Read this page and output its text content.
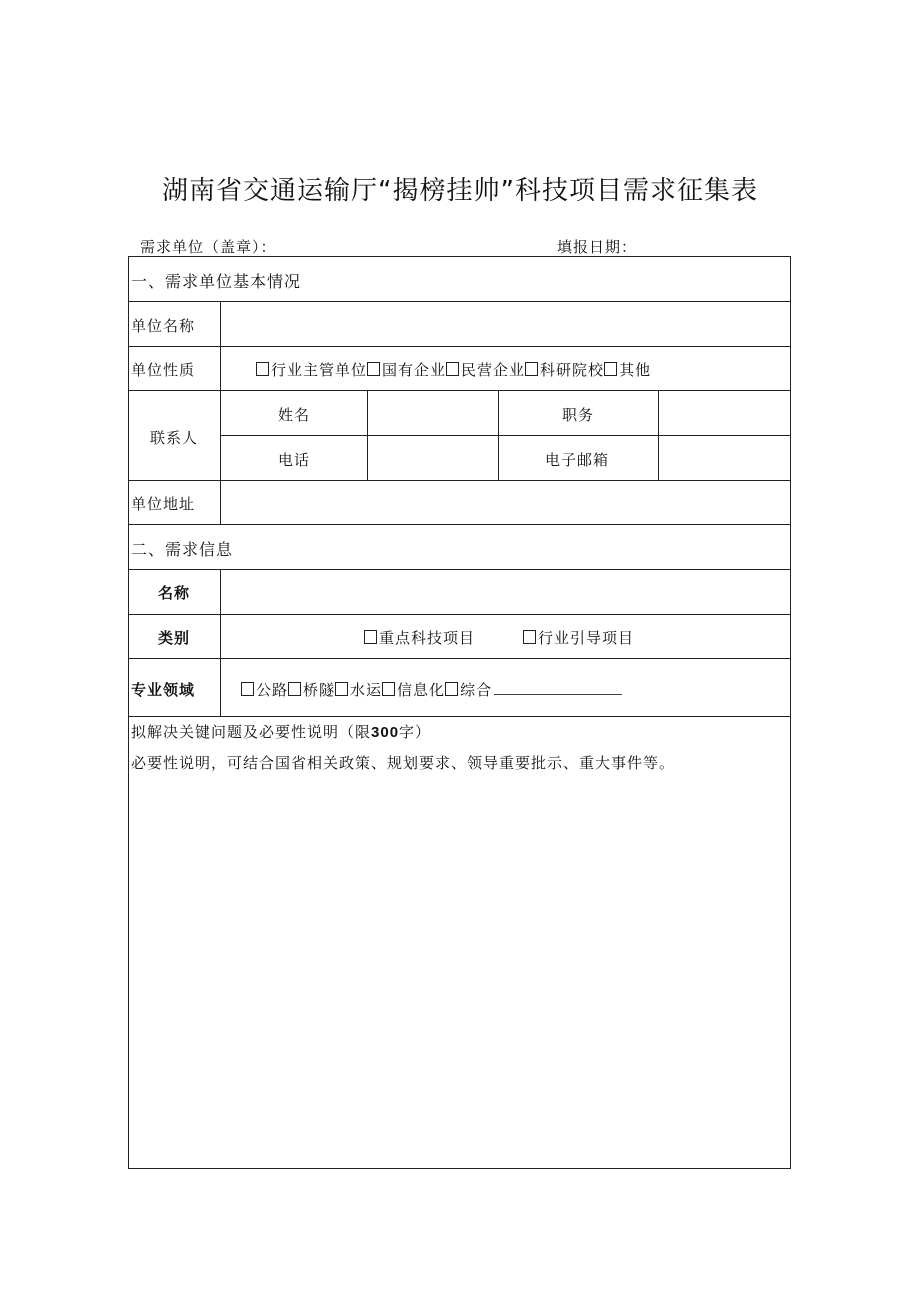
湖南省交通运输厅“揭榜挂帅”科技项目需求征集表
需求单位（盖章）：	填报日期：
一、需求单位基本情况
单位名称
单位性质	行业主管单位 国有企业 民营企业 科研院校 其他
联系人
姓名	职务
电话	电子邮箱
单位地址
二、需求信息
名称
类别	重点科技项目	行业引导项目
专业领域	公路 桥隧 水运 信息化 综合
拟解决关键问题及必要性说明（限300字）
必要性说明，可结合国省相关政策、规划要求、领导重要批示、重大事件等。
